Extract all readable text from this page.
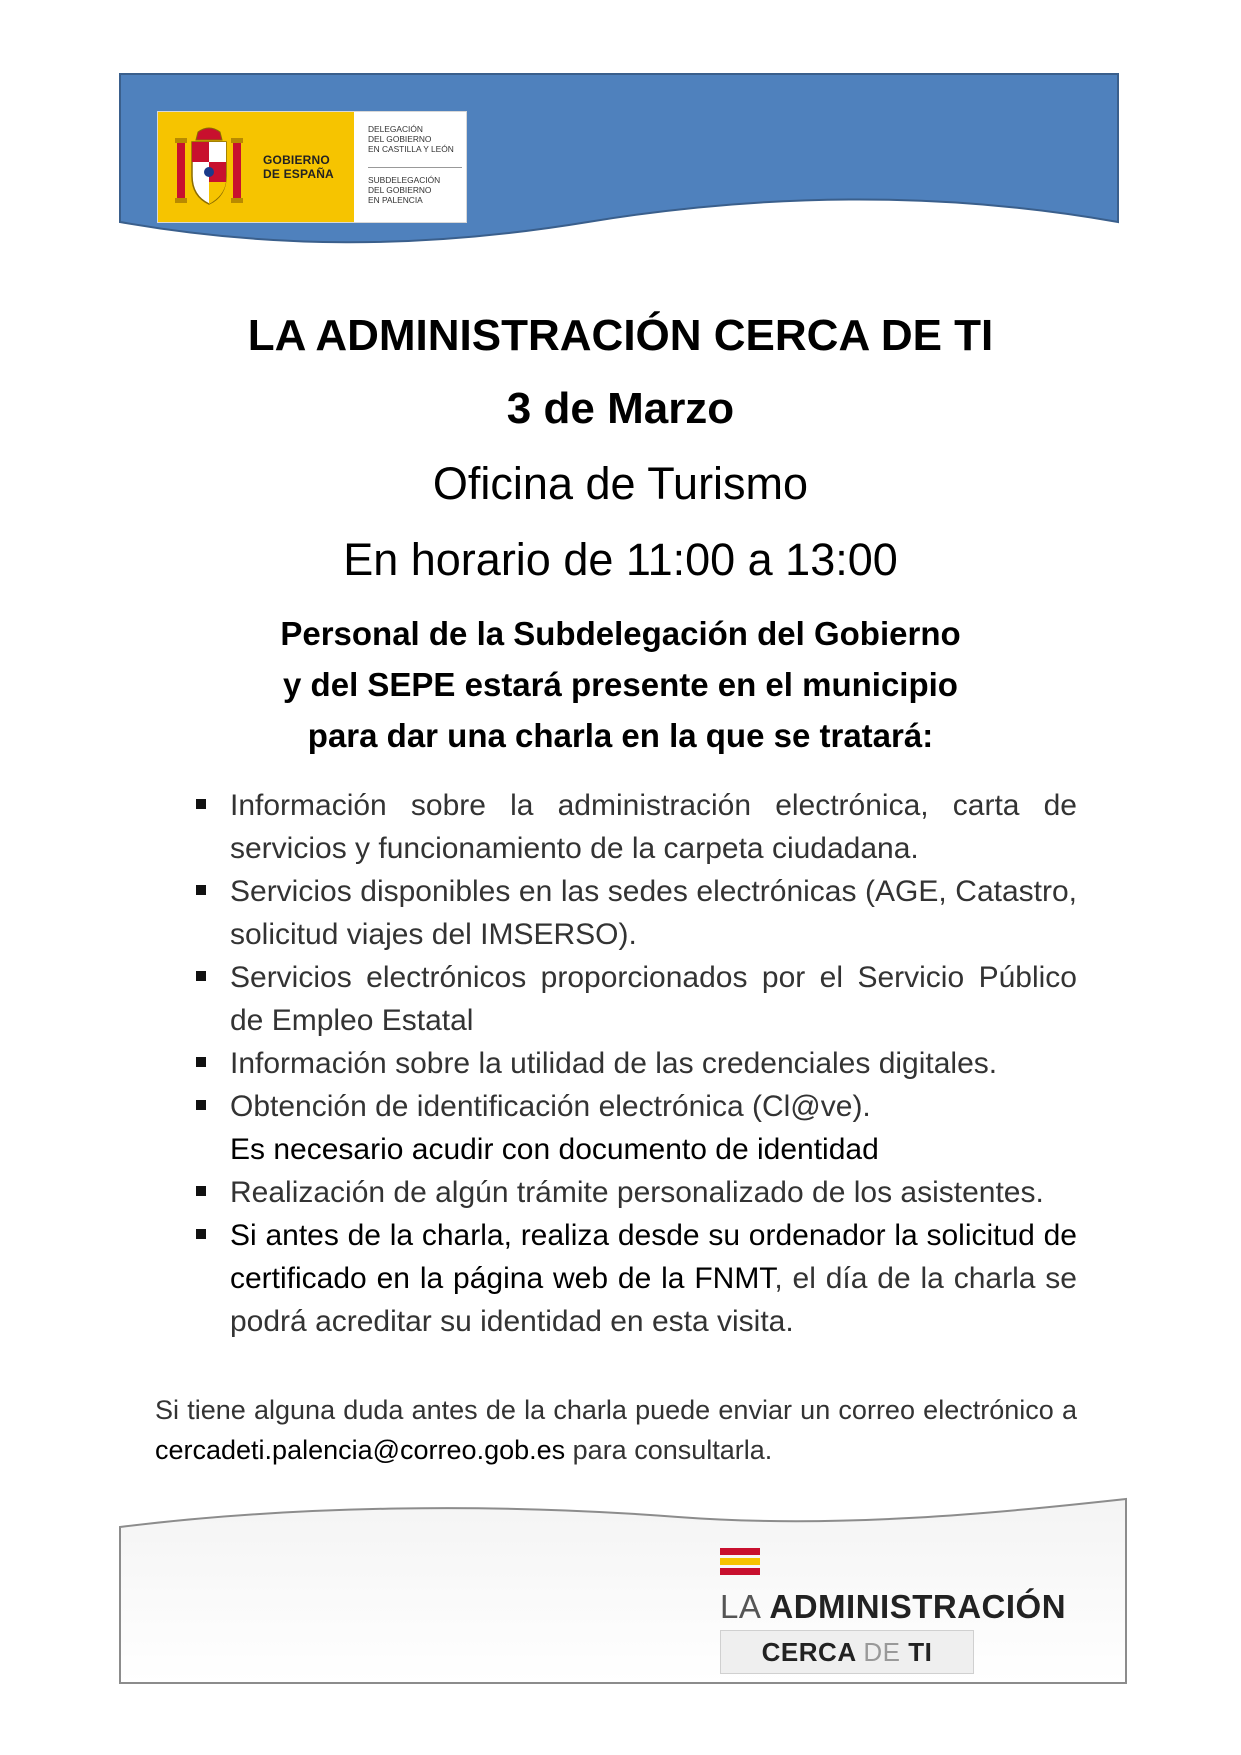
GOBIERNO
DE ESPAÑA
DELEGACIÓN
DEL GOBIERNO
EN CASTILLA Y LEÓN
SUBDELEGACIÓN
DEL GOBIERNO
EN PALENCIA
LA ADMINISTRACIÓN CERCA DE TI
3 de Marzo
Oficina de Turismo
En horario de 11:00 a 13:00
Personal de la Subdelegación del Gobierno
y del SEPE estará presente en el municipio
para dar una charla en la que se tratará:
Información sobre la administración electrónica, carta de servicios y funcionamiento de la carpeta ciudadana.
Servicios disponibles en las sedes electrónicas (AGE, Catastro, solicitud viajes del IMSERSO).
Servicios electrónicos proporcionados por el Servicio Público de Empleo Estatal
Información sobre la utilidad de las credenciales digitales.
Obtención de identificación electrónica (Cl@ve).
Es necesario acudir con documento de identidad
Realización de algún trámite personalizado de los asistentes.
Si antes de la charla, realiza desde su ordenador la solicitud de certificado en la página web de la FNMT, el día de la charla se podrá acreditar su identidad en esta visita.
Si tiene alguna duda antes de la charla puede enviar un correo electrónico a cercadeti.palencia@correo.gob.es para consultarla.
LA ADMINISTRACIÓN
CERCA DE TI
